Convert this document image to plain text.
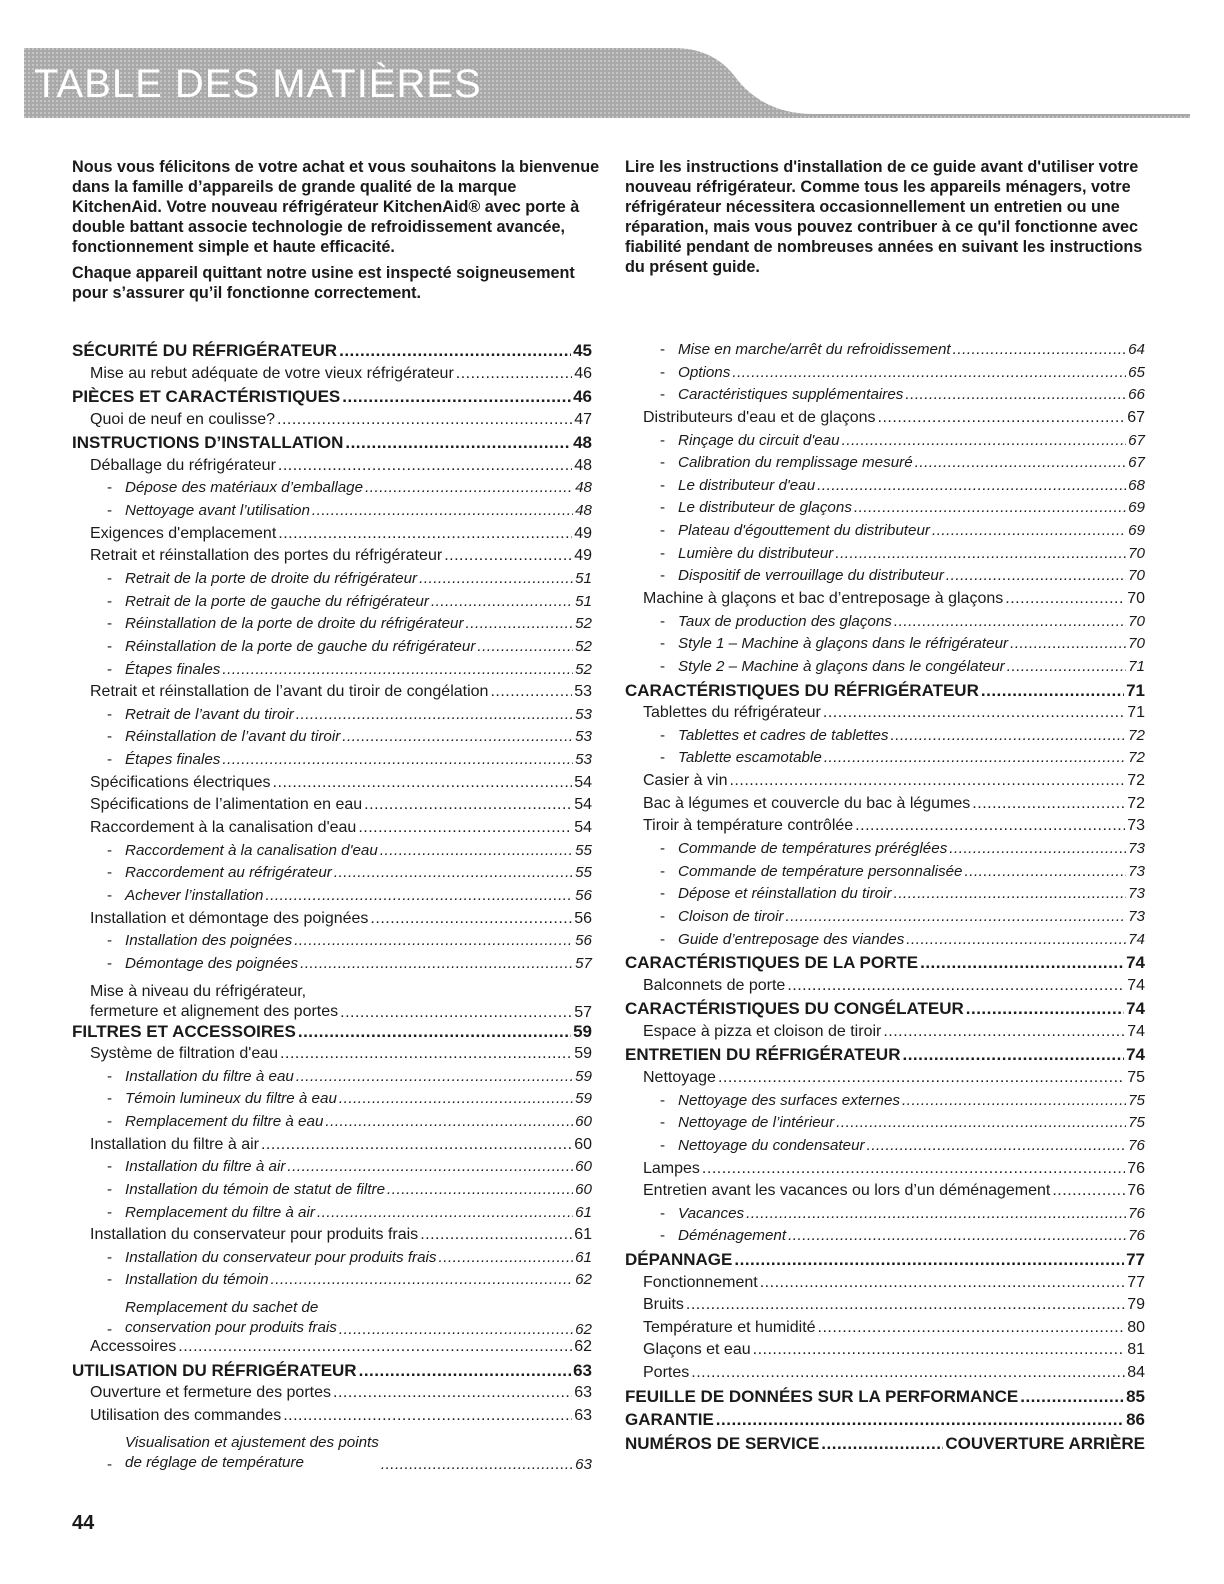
TABLE DES MATIÈRES

Nous vous félicitons de votre achat et vous souhaitons la bienvenue dans la famille d’appareils de grande qualité de la marque KitchenAid. Votre nouveau réfrigérateur KitchenAid® avec porte à double battant associe technologie de refroidissement avancée, fonctionnement simple et haute efficacité.

Chaque appareil quittant notre usine est inspecté soigneusement pour s’assurer qu’il fonctionne correctement.

Lire les instructions d'installation de ce guide avant d'utiliser votre nouveau réfrigérateur. Comme tous les appareils ménagers, votre réfrigérateur nécessitera occasionnellement un entretien ou une réparation, mais vous pouvez contribuer à ce qu'il fonctionne avec fiabilité pendant de nombreuses années en suivant les instructions du présent guide.

SÉCURITÉ DU RÉFRIGÉRATEUR .....	45
Mise au rebut adéquate de votre vieux réfrigérateur .....	46
PIÈCES ET CARACTÉRISTIQUES .....	46
Quoi de neuf en coulisse? .....	47
INSTRUCTIONS D’INSTALLATION .....	48
Déballage du réfrigérateur .....	48
- Dépose des matériaux d’emballage .....	48
- Nettoyage avant l’utilisation .....	48
Exigences d'emplacement .....	49
Retrait et réinstallation des portes du réfrigérateur .....	49
- Retrait de la porte de droite du réfrigérateur .....	51
- Retrait de la porte de gauche du réfrigérateur .....	51
- Réinstallation de la porte de droite du réfrigérateur .....	52
- Réinstallation de la porte de gauche du réfrigérateur .....	52
- Étapes finales .....	52
Retrait et réinstallation de l’avant du tiroir de congélation .....	53
- Retrait de l’avant du tiroir .....	53
- Réinstallation de l’avant du tiroir .....	53
- Étapes finales .....	53
Spécifications électriques .....	54
Spécifications de l’alimentation en eau .....	54
Raccordement à la canalisation d'eau .....	54
- Raccordement à la canalisation d'eau .....	55
- Raccordement au réfrigérateur .....	55
- Achever l’installation .....	56
Installation et démontage des poignées .....	56
- Installation des poignées .....	56
- Démontage des poignées .....	57
Mise à niveau du réfrigérateur,
fermeture et alignement des portes .....	57
FILTRES ET ACCESSOIRES .....	59
Système de filtration d'eau .....	59
- Installation du filtre à eau .....	59
- Témoin lumineux du filtre à eau .....	59
- Remplacement du filtre à eau .....	60
Installation du filtre à air .....	60
- Installation du filtre à air .....	60
- Installation du témoin de statut de filtre .....	60
- Remplacement du filtre à air .....	61
Installation du conservateur pour produits frais .....	61
- Installation du conservateur pour produits frais .....	61
- Installation du témoin .....	62
-
Remplacement du sachet de
conservation pour produits frais .....	62
Accessoires .....	62
UTILISATION DU RÉFRIGÉRATEUR .....	63
Ouverture et fermeture des portes .....	63
Utilisation des commandes .....	63
-
Visualisation et ajustement des points
de réglage de température .....	63
- Mise en marche/arrêt du refroidissement .....	64
- Options .....	65
- Caractéristiques supplémentaires .....	66
Distributeurs d'eau et de glaçons .....	67
- Rinçage du circuit d'eau .....	67
- Calibration du remplissage mesuré .....	67
- Le distributeur d'eau .....	68
- Le distributeur de glaçons .....	69
- Plateau d'égouttement du distributeur .....	69
- Lumière du distributeur .....	70
- Dispositif de verrouillage du distributeur .....	70
Machine à glaçons et bac d’entreposage à glaçons .....	70
- Taux de production des glaçons .....	70
- Style 1 – Machine à glaçons dans le réfrigérateur .....	70
- Style 2 – Machine à glaçons dans le congélateur .....	71
CARACTÉRISTIQUES DU RÉFRIGÉRATEUR .....	71
Tablettes du réfrigérateur .....	71
- Tablettes et cadres de tablettes .....	72
- Tablette escamotable .....	72
Casier à vin .....	72
Bac à légumes et couvercle du bac à légumes .....	72
Tiroir à température contrôlée .....	73
- Commande de températures préréglées .....	73
- Commande de température personnalisée .....	73
- Dépose et réinstallation du tiroir .....	73
- Cloison de tiroir .....	73
- Guide d’entreposage des viandes .....	74
CARACTÉRISTIQUES DE LA PORTE .....	74
Balconnets de porte .....	74
CARACTÉRISTIQUES DU CONGÉLATEUR .....	74
Espace à pizza et cloison de tiroir .....	74
ENTRETIEN DU RÉFRIGÉRATEUR .....	74
Nettoyage .....	75
- Nettoyage des surfaces externes .....	75
- Nettoyage de l’intérieur .....	75
- Nettoyage du condensateur .....	76
Lampes .....	76
Entretien avant les vacances ou lors d’un déménagement .....	76
- Vacances .....	76
- Déménagement .....	76
DÉPANNAGE .....	77
Fonctionnement .....	77
Bruits .....	79
Température et humidité .....	80
Glaçons et eau .....	81
Portes .....	84
FEUILLE DE DONNÉES SUR LA PERFORMANCE .....	85
GARANTIE .....	86
NUMÉROS DE SERVICE .....	COUVERTURE ARRIÈRE
44
